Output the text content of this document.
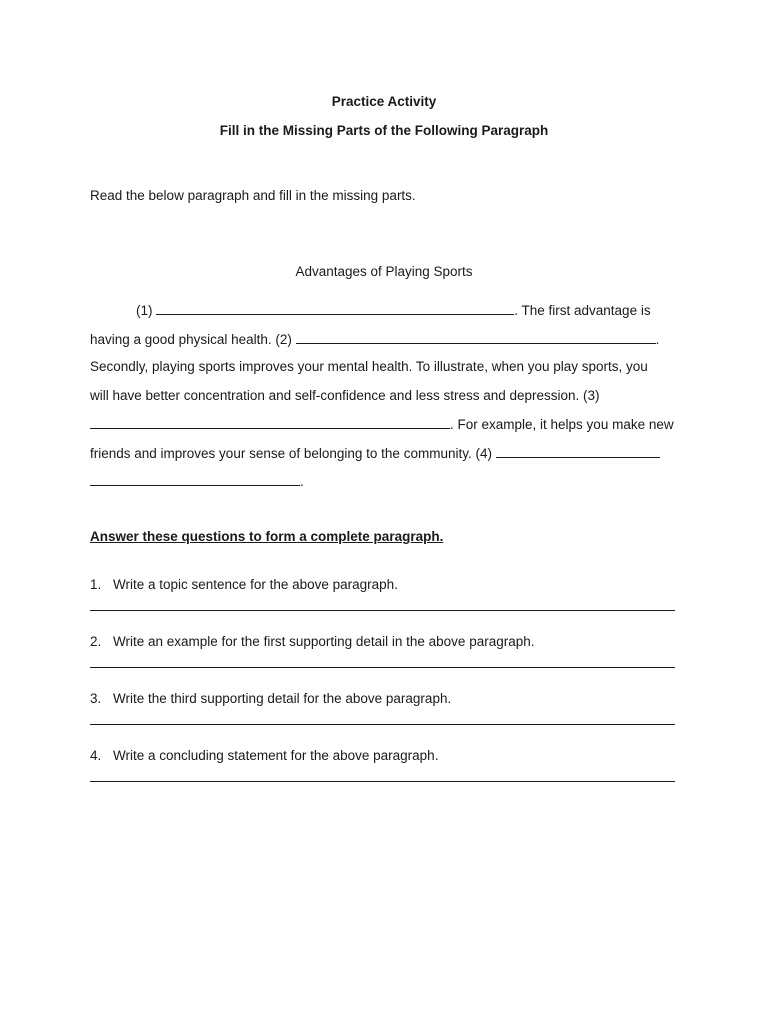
Practice Activity
Fill in the Missing Parts of the Following Paragraph
Read the below paragraph and fill in the missing parts.
Advantages of Playing Sports
(1)	. The first advantage is
having a good physical health. (2)	.
Secondly, playing sports improves your mental health. To illustrate, when you play sports, you
will have better concentration and self-confidence and less stress and depression. (3)
. For example, it helps you make new
friends and improves your sense of belonging to the community. (4)
.
Answer these questions to form a complete paragraph.
1. Write a topic sentence for the above paragraph.
2. Write an example for the first supporting detail in the above paragraph.
3. Write the third supporting detail for the above paragraph.
4. Write a concluding statement for the above paragraph.
